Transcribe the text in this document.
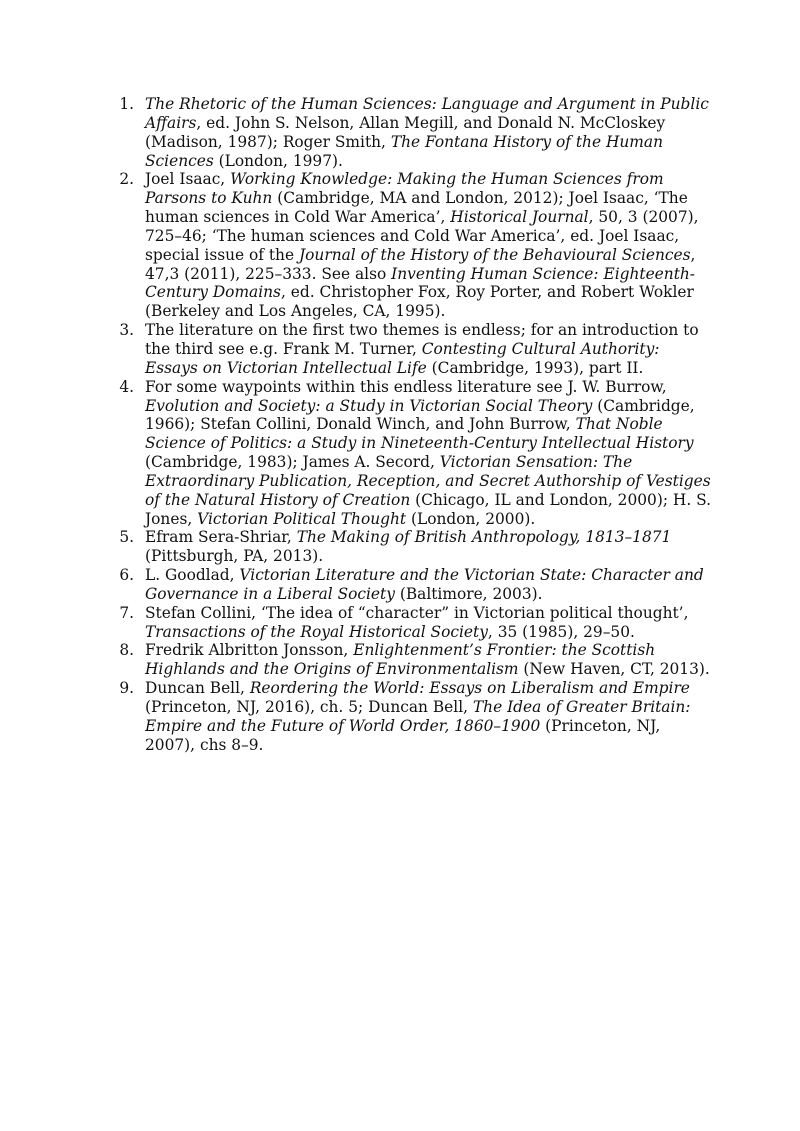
1. The Rhetoric of the Human Sciences: Language and Argument in Public Affairs, ed. John S. Nelson, Allan Megill, and Donald N. McCloskey (Madison, 1987); Roger Smith, The Fontana History of the Human Sciences (London, 1997).
2. Joel Isaac, Working Knowledge: Making the Human Sciences from Parsons to Kuhn (Cambridge, MA and London, 2012); Joel Isaac, ‘The human sciences in Cold War America’, Historical Journal, 50, 3 (2007), 725–46; ‘The human sciences and Cold War America’, ed. Joel Isaac, special issue of the Journal of the History of the Behavioural Sciences, 47,3 (2011), 225–333. See also Inventing Human Science: Eighteenth-Century Domains, ed. Christopher Fox, Roy Porter, and Robert Wokler (Berkeley and Los Angeles, CA, 1995).
3. The literature on the first two themes is endless; for an introduction to the third see e.g. Frank M. Turner, Contesting Cultural Authority: Essays on Victorian Intellectual Life (Cambridge, 1993), part II.
4. For some waypoints within this endless literature see J. W. Burrow, Evolution and Society: a Study in Victorian Social Theory (Cambridge, 1966); Stefan Collini, Donald Winch, and John Burrow, That Noble Science of Politics: a Study in Nineteenth-Century Intellectual History (Cambridge, 1983); James A. Secord, Victorian Sensation: The Extraordinary Publication, Reception, and Secret Authorship of Vestiges of the Natural History of Creation (Chicago, IL and London, 2000); H. S. Jones, Victorian Political Thought (London, 2000).
5. Efram Sera-Shriar, The Making of British Anthropology, 1813–1871 (Pittsburgh, PA, 2013).
6. L. Goodlad, Victorian Literature and the Victorian State: Character and Governance in a Liberal Society (Baltimore, 2003).
7. Stefan Collini, ‘The idea of “character” in Victorian political thought’, Transactions of the Royal Historical Society, 35 (1985), 29–50.
8. Fredrik Albritton Jonsson, Enlightenment’s Frontier: the Scottish Highlands and the Origins of Environmentalism (New Haven, CT, 2013).
9. Duncan Bell, Reordering the World: Essays on Liberalism and Empire (Princeton, NJ, 2016), ch. 5; Duncan Bell, The Idea of Greater Britain: Empire and the Future of World Order, 1860–1900 (Princeton, NJ, 2007), chs 8–9.
